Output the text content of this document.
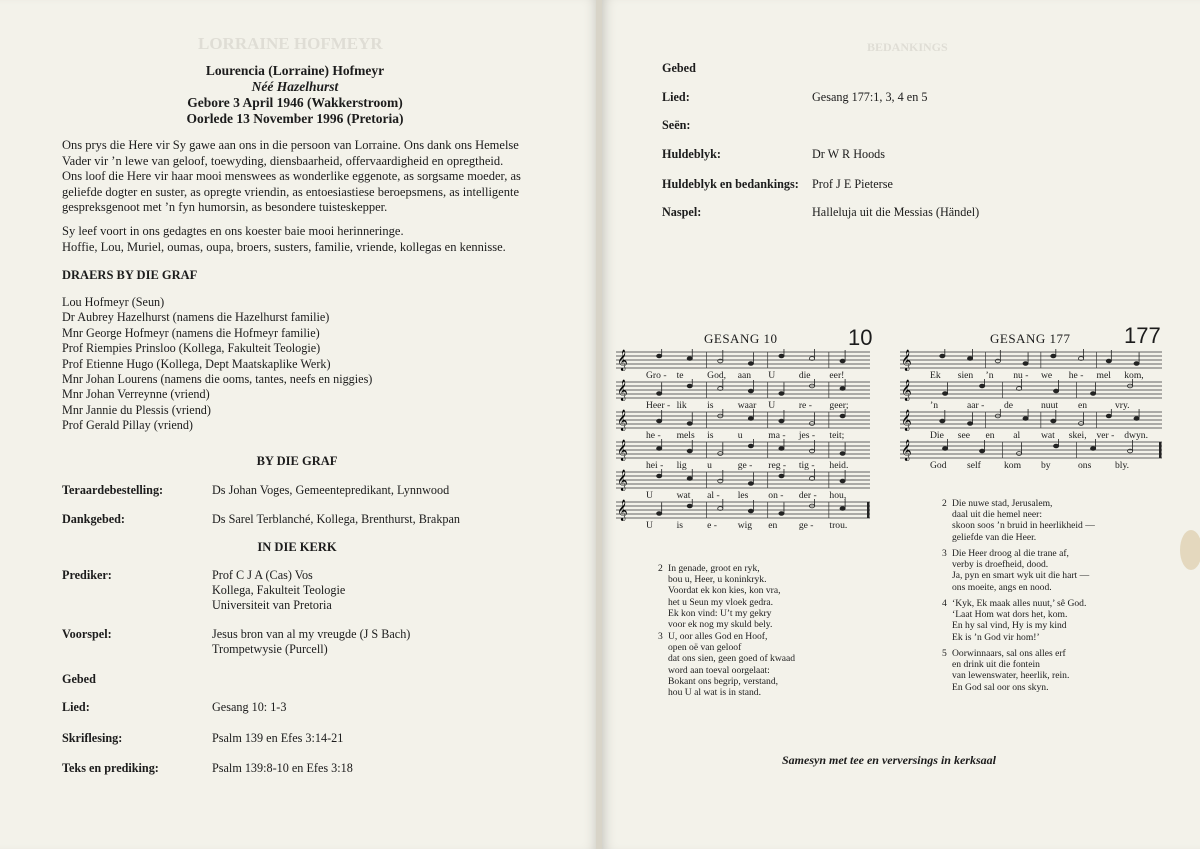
LORRAINE HOFMEYR
Lourencia (Lorraine) Hofmeyr
Néé Hazelhurst
Gebore 3 April 1946 (Wakkerstroom)
Oorlede 13 November 1996 (Pretoria)
Ons prys die Here vir Sy gawe aan ons in die persoon van Lorraine. Ons dank ons Hemelse
Vader vir ’n lewe van geloof, toewyding, diensbaarheid, offervaardigheid en opregtheid.
Ons loof die Here vir haar mooi menswees as wonderlike eggenote, as sorgsame moeder, as
geliefde dogter en suster, as opregte vriendin, as entoesiastiese beroepsmens, as intelligente
gespreksgenoot met ’n fyn humorsin, as besondere tuisteskepper.
Sy leef voort in ons gedagtes en ons koester baie mooi herinneringe.
Hoffie, Lou, Muriel, oumas, oupa, broers, susters, familie, vriende, kollegas en kennisse.
DRAERS BY DIE GRAF
Lou Hofmeyr (Seun)
Dr Aubrey Hazelhurst (namens die Hazelhurst familie)
Mnr George Hofmeyr (namens die Hofmeyr familie)
Prof Riempies Prinsloo (Kollega, Fakulteit Teologie)
Prof Etienne Hugo (Kollega, Dept Maatskaplike Werk)
Mnr Johan Lourens (namens die ooms, tantes, neefs en niggies)
Mnr Johan Verreynne (vriend)
Mnr Jannie du Plessis (vriend)
Prof Gerald Pillay (vriend)
BY DIE GRAF
Teraardebestelling:	Ds Johan Voges, Gemeentepredikant, Lynnwood
Dankgebed:	Ds Sarel Terblanché, Kollega, Brenthurst, Brakpan
IN DIE KERK
Prediker:	Prof C J A (Cas) Vos
Kollega, Fakulteit Teologie
Universiteit van Pretoria
Voorspel:	Jesus bron van al my vreugde (J S Bach)
Trompetwysie (Purcell)
Gebed
Lied:	Gesang 10: 1-3
Skriflesing:	Psalm 139 en Efes 3:14-21
Teks en prediking:	Psalm 139:8-10 en Efes 3:18
BEDANKINGS
Gebed
Lied:	Gesang 177:1, 3, 4 en 5
Seën:
Huldeblyk:	Dr W R Hoods
Huldeblyk en bedankings: Prof J E Pieterse
Naspel:	Halleluja uit die Messias (Händel)
GESANG 10	10
𝄞
Gro - te God, aan U die eer!
𝄞
Heer - lik is	waar U re - geer;
𝄞
he - mels is	u	ma - jes - teit;
𝄞
hei - lig u	ge - reg - tig - heid.
𝄞
U wat al - les on - der - hou,
𝄞
U is	e - wig en ge - trou.
GESANG 177 177
𝄞
Ek sien ’n nu - we he - mel kom,
𝄞
’n	aar - de	nuut en	vry.
𝄞
Die see en al wat skei, ver - dwyn.
𝄞
God self kom by	ons bly.
2 In genade, groot en ryk,
bou u, Heer, u koninkryk.
Voordat ek kon kies, kon vra,
het u Seun my vloek gedra.
Ek kon vind: U’t my gekry
voor ek nog my skuld bely.
3 U, oor alles God en Hoof,
open oë van geloof
dat ons sien, geen goed of kwaad
word aan toeval oorgelaat:
Bokant ons begrip, verstand,
hou U al wat is in stand.
2 Die nuwe stad, Jerusalem,
daal uit die hemel neer:
skoon soos ’n bruid in heerlikheid —
geliefde van die Heer.
3 Die Heer droog al die trane af,
verby is droefheid, dood.
Ja, pyn en smart wyk uit die hart —
ons moeite, angs en nood.
4 ‘Kyk, Ek maak alles nuut,’ sê God.
‘Laat Hom wat dors het, kom.
En hy sal vind, Hy is my kind
Ek is ’n God vir hom!’
5 Oorwinnaars, sal ons alles erf
en drink uit die fontein
van lewenswater, heerlik, rein.
En God sal oor ons skyn.
Samesyn met tee en verversings in kerksaal
